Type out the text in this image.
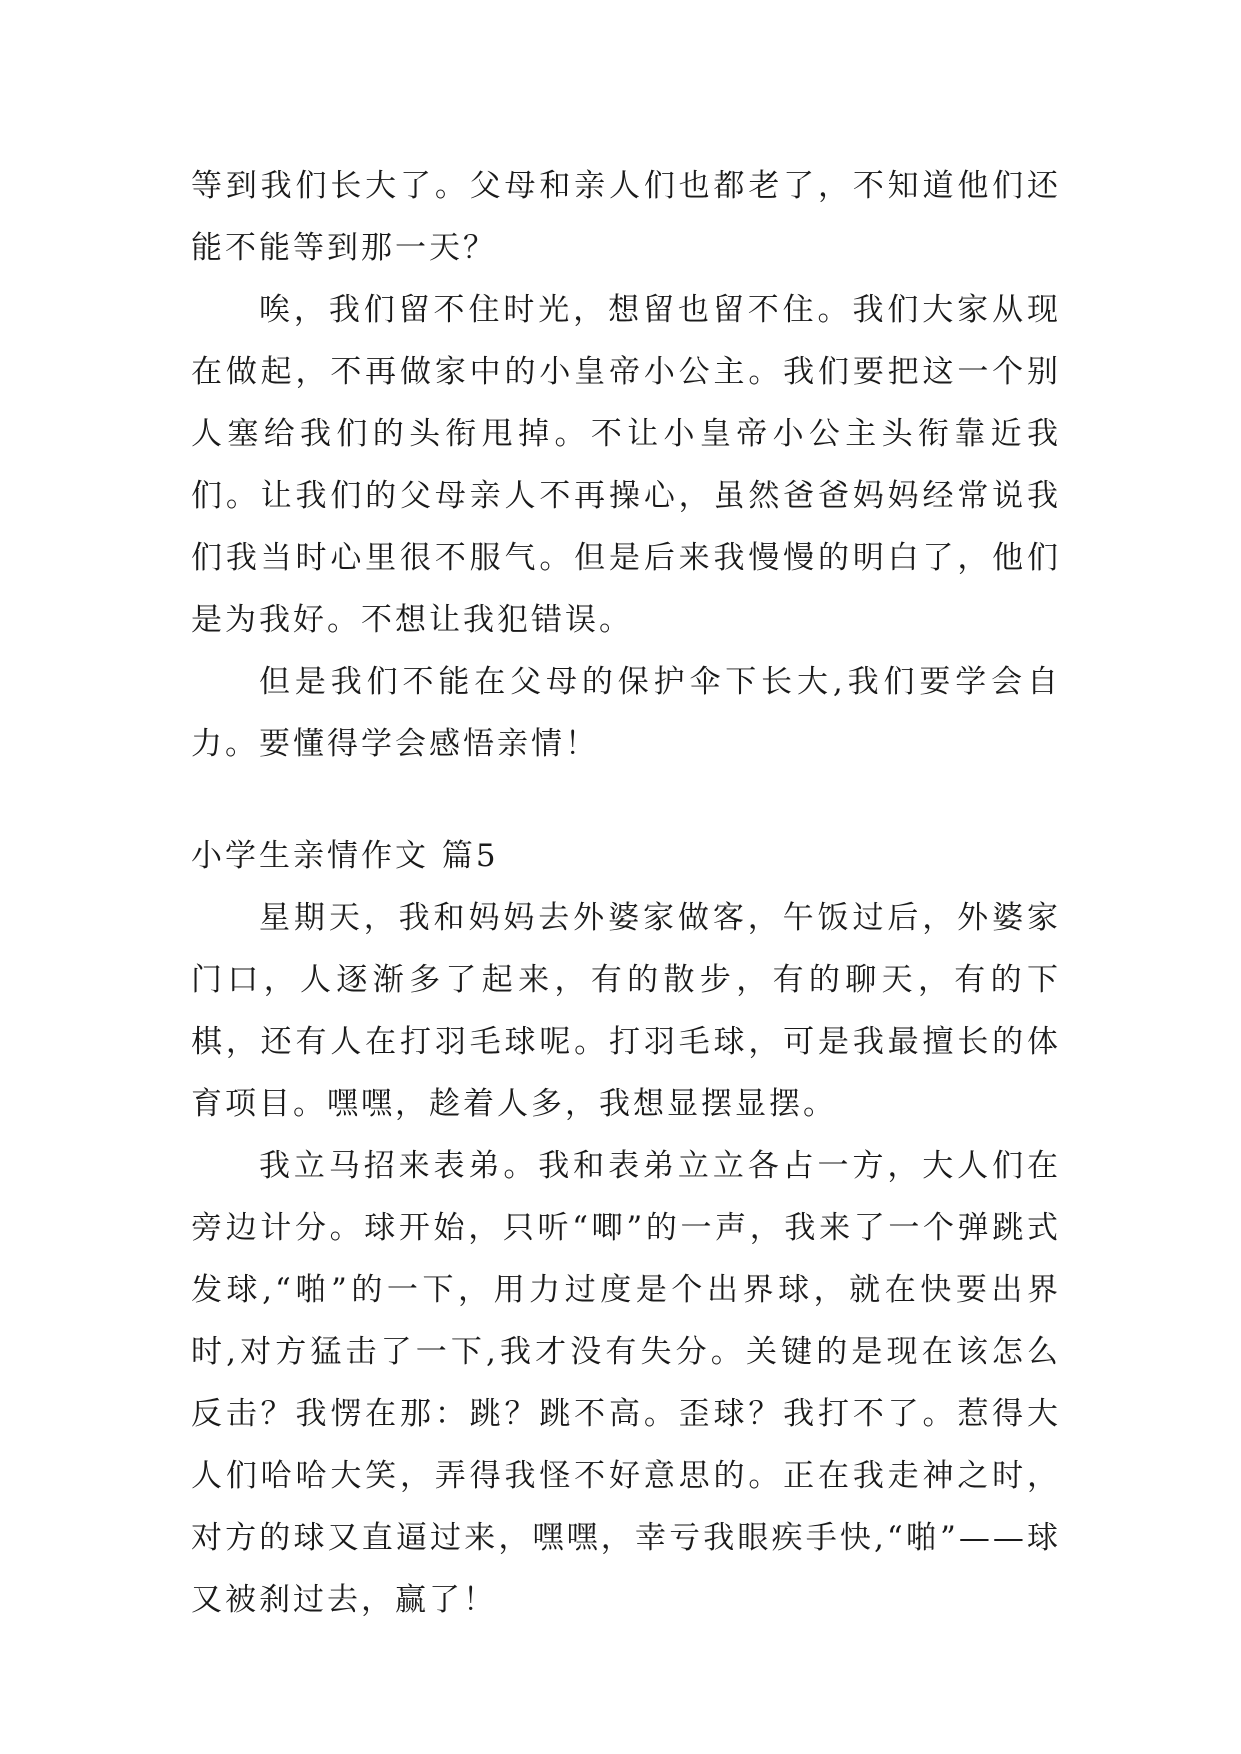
等到我们长大了。父母和亲人们也都老了，不知道他们还能不能等到那一天？

唉，我们留不住时光，想留也留不住。我们大家从现在做起，不再做家中的小皇帝小公主。我们要把这一个别人塞给我们的头衔甩掉。不让小皇帝小公主头衔靠近我们。让我们的父母亲人不再操心，虽然爸爸妈妈经常说我们我当时心里很不服气。但是后来我慢慢的明白了，他们是为我好。不想让我犯错误。

但是我们不能在父母的保护伞下长大,我们要学会自力。要懂得学会感悟亲情！

小学生亲情作文 篇5

星期天，我和妈妈去外婆家做客，午饭过后，外婆家门口，人逐渐多了起来，有的散步，有的聊天，有的下棋，还有人在打羽毛球呢。打羽毛球，可是我最擅长的体育项目。嘿嘿，趁着人多，我想显摆显摆。

我立马招来表弟。我和表弟立立各占一方，大人们在旁边计分。球开始，只听“唧”的一声，我来了一个弹跳式发球,“啪”的一下，用力过度是个出界球，就在快要出界时,对方猛击了一下,我才没有失分。关键的是现在该怎么反击？我愣在那：跳？跳不高。歪球？我打不了。惹得大人们哈哈大笑，弄得我怪不好意思的。正在我走神之时，对方的球又直逼过来，嘿嘿，幸亏我眼疾手快,“啪”——球又被刹过去，赢了！
